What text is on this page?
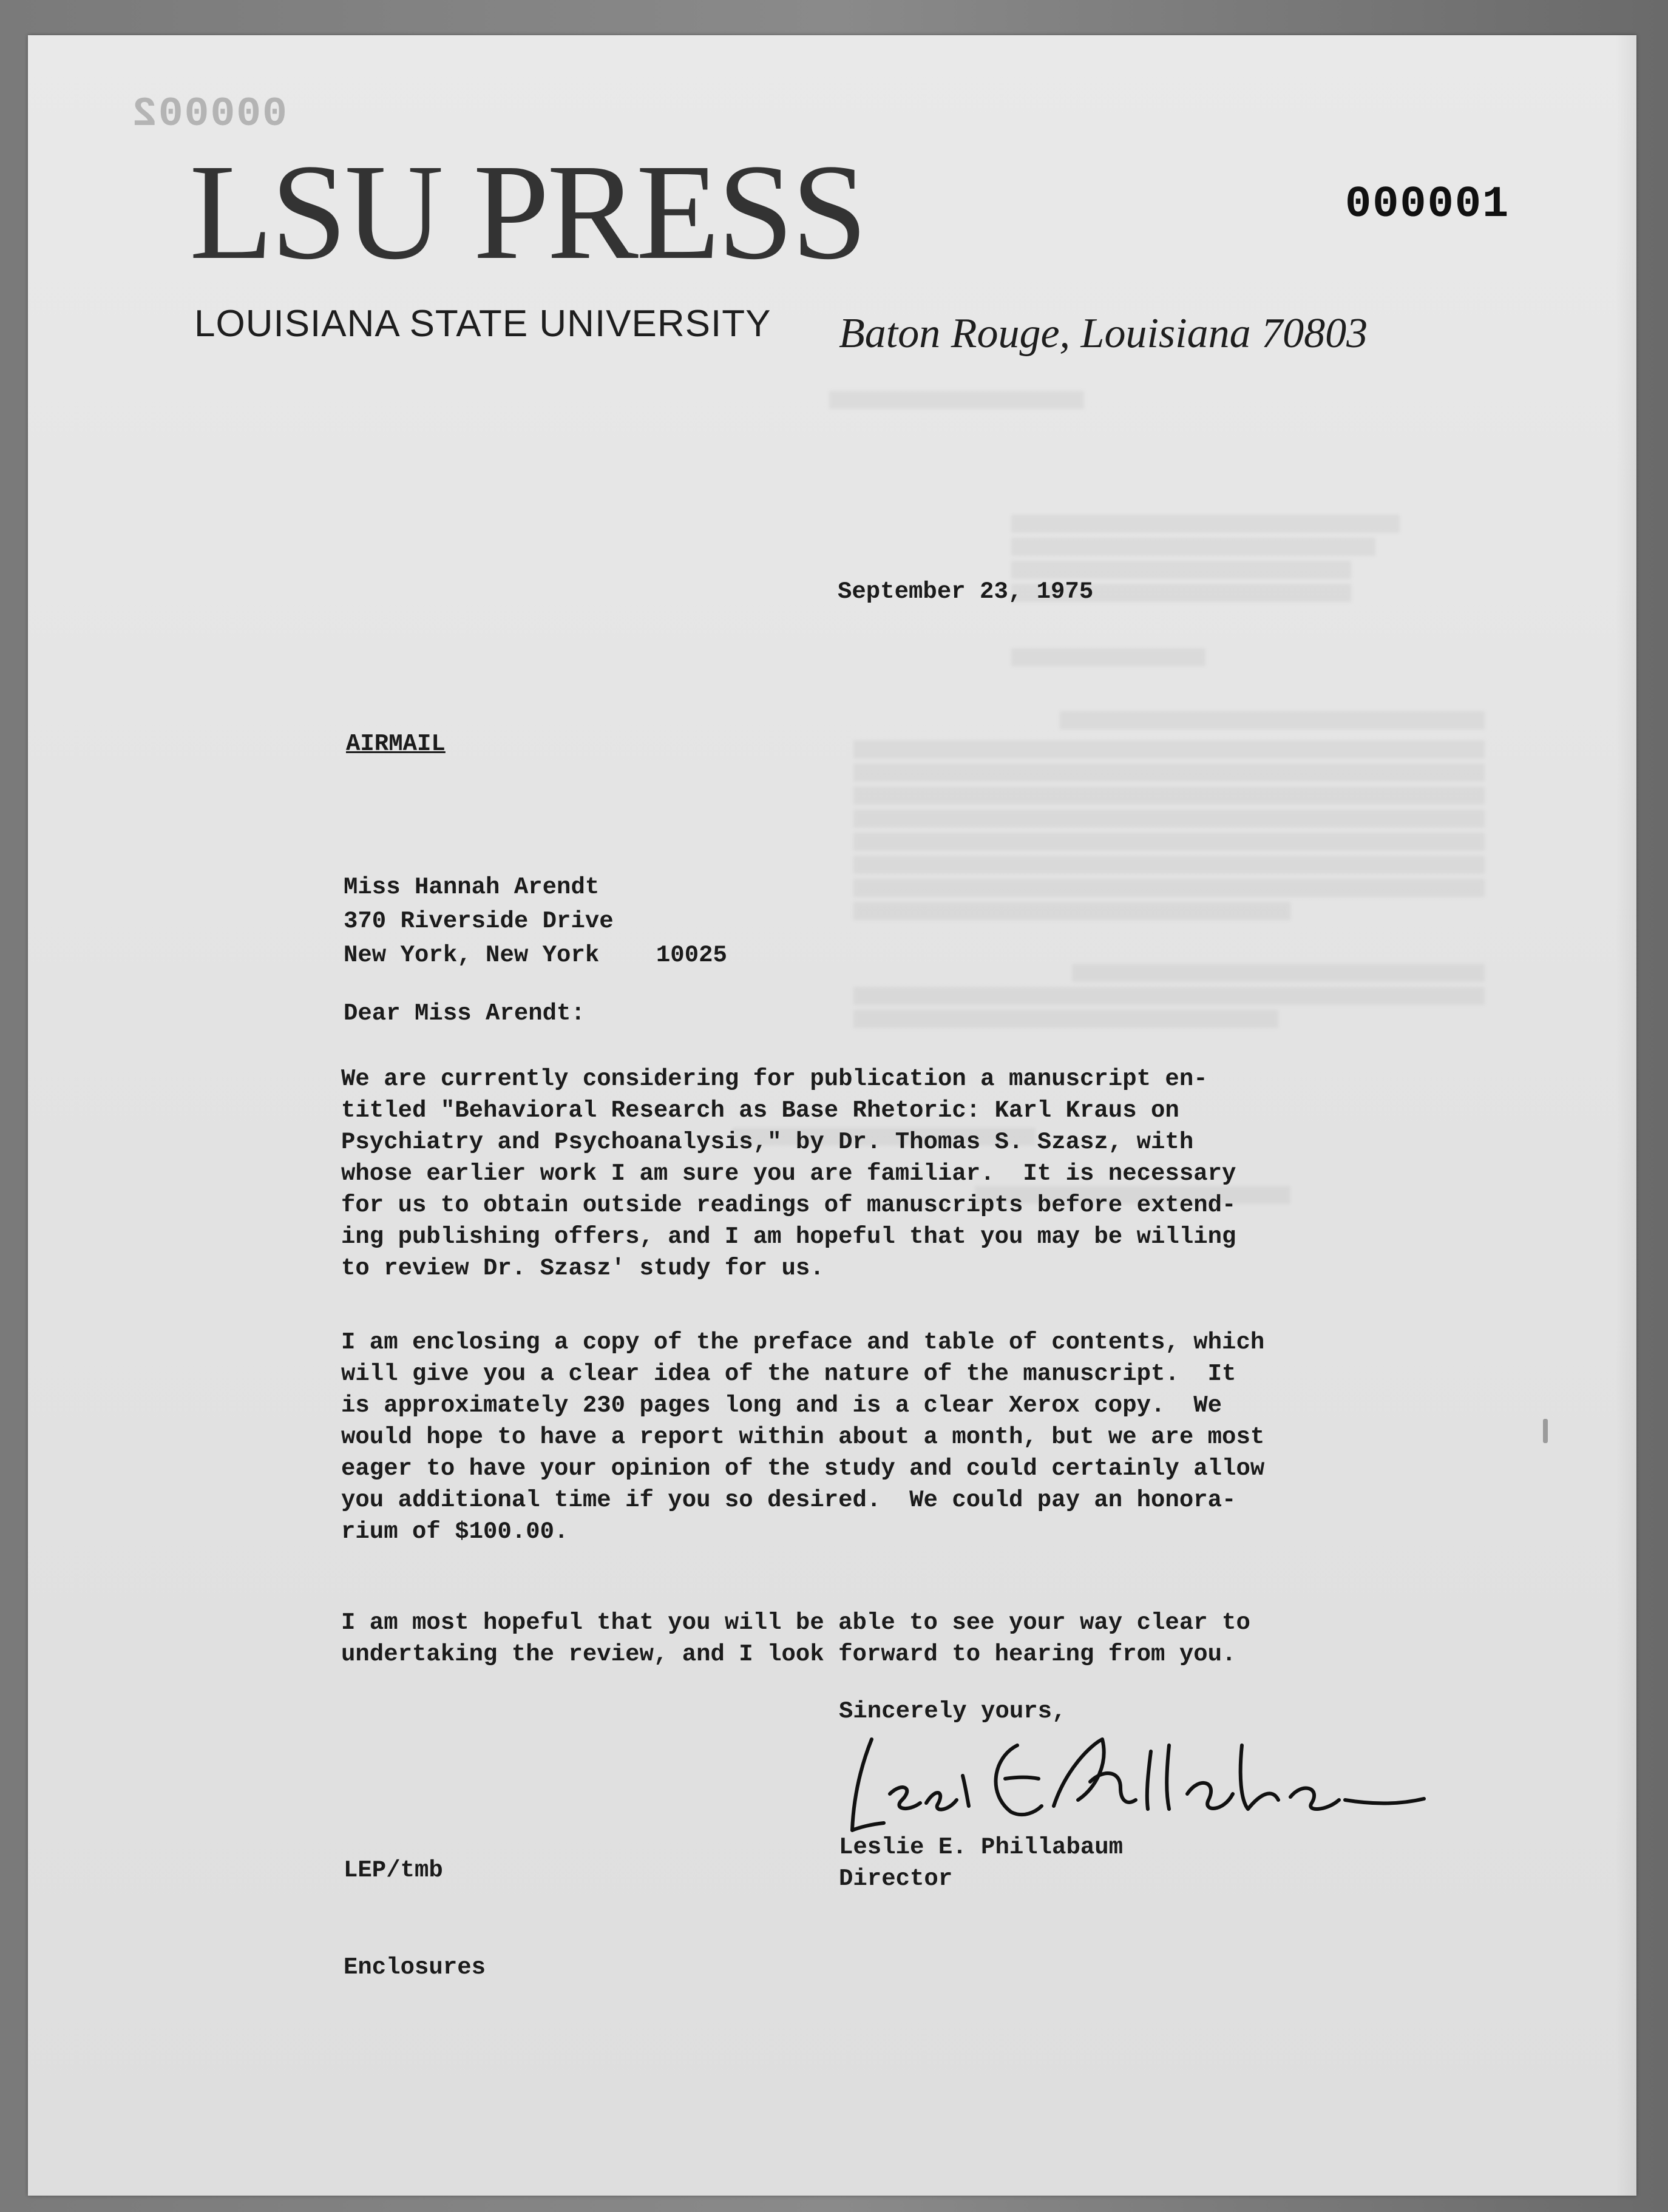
000002
LSU PRESS
LOUISIANA STATE UNIVERSITY Baton Rouge, Louisiana 70803
000001
September 23, 1975
AIRMAIL
Miss Hannah Arendt
370 Riverside Drive
New York, New York    10025
Dear Miss Arendt:
We are currently considering for publication a manuscript en-
titled "Behavioral Research as Base Rhetoric: Karl Kraus on
Psychiatry and Psychoanalysis," by Dr. Thomas S. Szasz, with
whose earlier work I am sure you are familiar.  It is necessary
for us to obtain outside readings of manuscripts before extend-
ing publishing offers, and I am hopeful that you may be willing
to review Dr. Szasz' study for us.
I am enclosing a copy of the preface and table of contents, which
will give you a clear idea of the nature of the manuscript.  It
is approximately 230 pages long and is a clear Xerox copy.  We
would hope to have a report within about a month, but we are most
eager to have your opinion of the study and could certainly allow
you additional time if you so desired.  We could pay an honora-
rium of $100.00.
I am most hopeful that you will be able to see your way clear to
undertaking the review, and I look forward to hearing from you.
Sincerely yours,
Leslie E. Phillabaum
Director
LEP/tmb
Enclosures
